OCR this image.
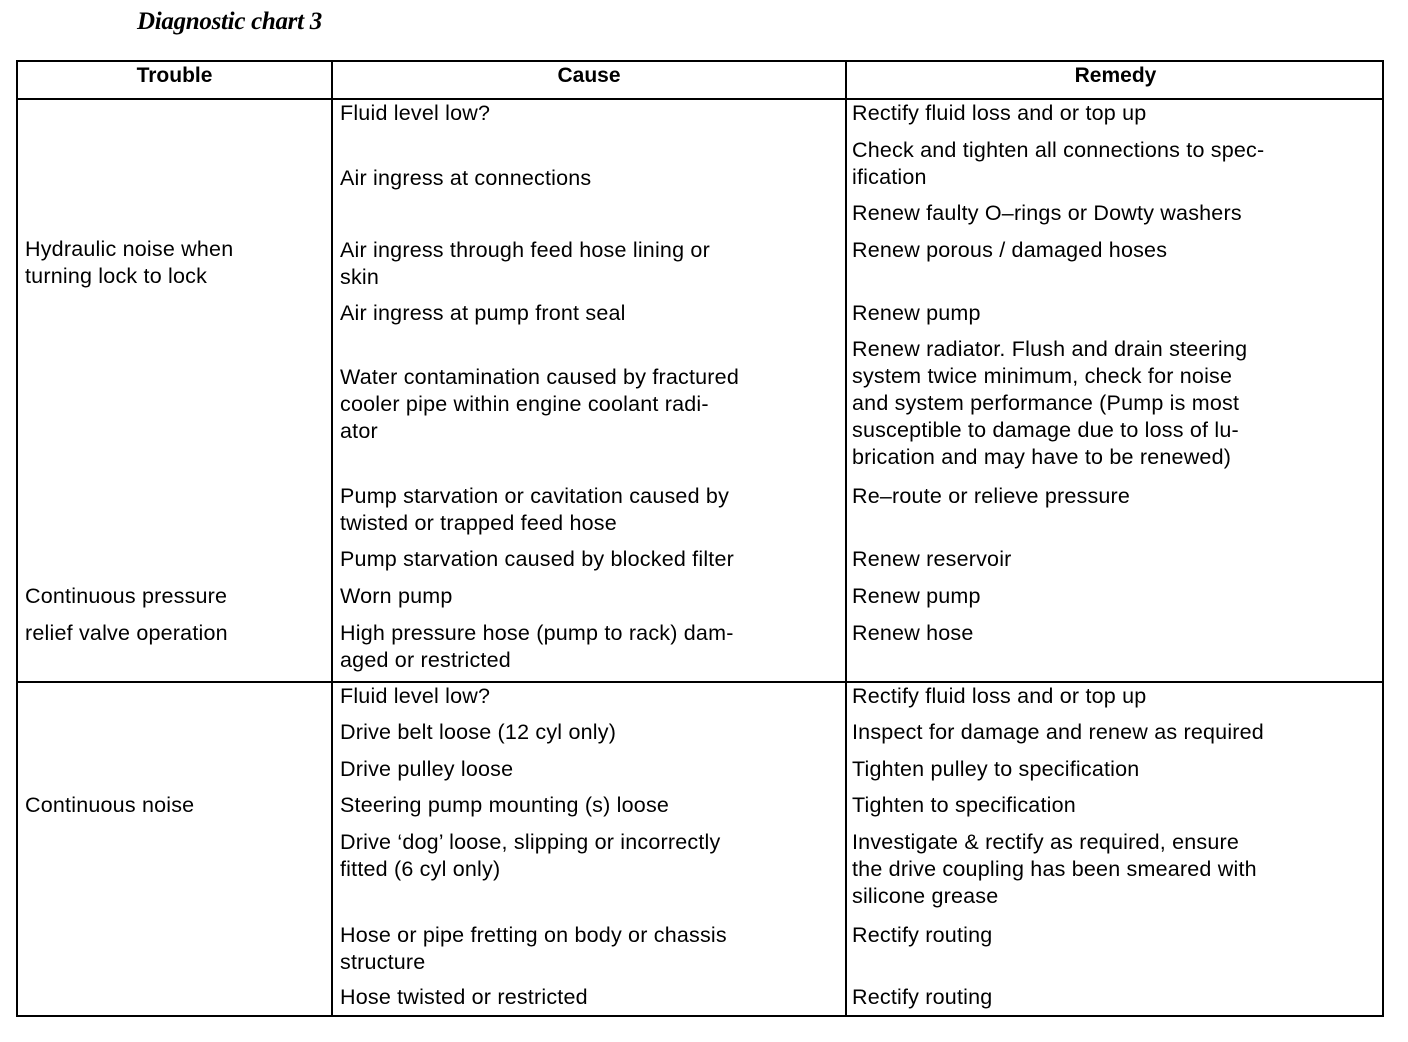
Diagnostic chart 3
Trouble	Cause	Remedy
Hydraulic noise when
turning lock to lock
Continuous pressure
relief valve operation
Fluid level low?
Air ingress at connections
Air ingress through feed hose lining or
skin
Air ingress at pump front seal
Water contamination caused by fractured
cooler pipe within engine coolant radi-
ator
Pump starvation or cavitation caused by
twisted or trapped feed hose
Pump starvation caused by blocked filter
Worn pump
High pressure hose (pump to rack) dam-
aged or restricted
Rectify fluid loss and or top up
Check and tighten all connections to spec-
ification
Renew faulty O–rings or Dowty washers
Renew porous / damaged hoses
Renew pump
Renew radiator. Flush and drain steering
system twice minimum, check for noise
and system performance (Pump is most
susceptible to damage due to loss of lu-
brication and may have to be renewed)
Re–route or relieve pressure
Renew reservoir
Renew pump
Renew hose
Continuous noise
Fluid level low?
Drive belt loose (12 cyl only)
Drive pulley loose
Steering pump mounting (s) loose
Drive ‘dog’ loose, slipping or incorrectly
fitted (6 cyl only)
Hose or pipe fretting on body or chassis
structure
Hose twisted or restricted
Rectify fluid loss and or top up
Inspect for damage and renew as required
Tighten pulley to specification
Tighten to specification
Investigate & rectify as required, ensure
the drive coupling has been smeared with
silicone grease
Rectify routing
Rectify routing
